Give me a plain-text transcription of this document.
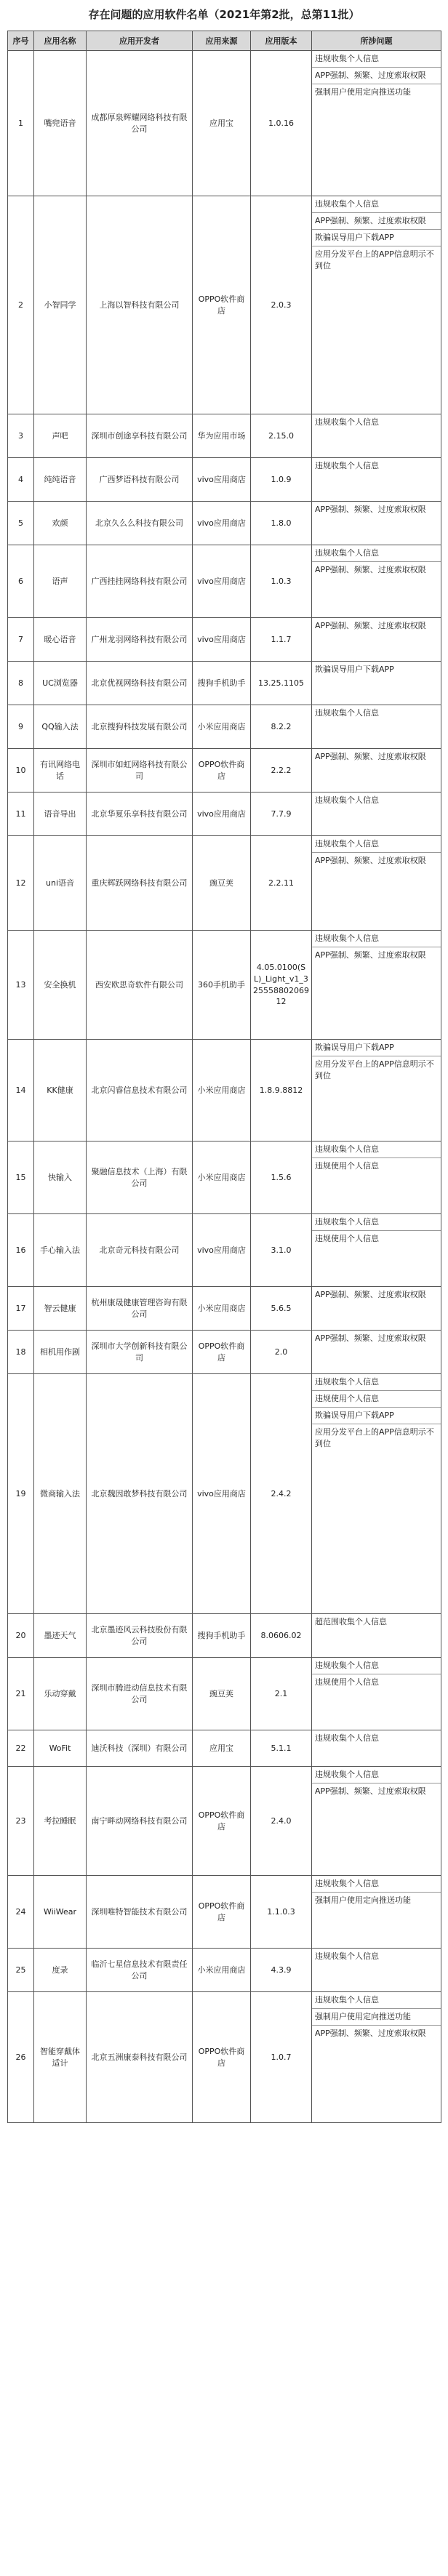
存在问题的应用软件名单（2021年第2批，总第11批）
序号	应用名称	应用开发者	应用来源	应用版本	所涉问题
1	嘴兜语音	成都厚泉辉耀网络科技有限公司	应用宝	1.0.16	违规收集个人信息
APP强制、频繁、过度索取权限
强制用户使用定向推送功能

2	小智同学	上海以智科技有限公司	OPPO软件商店	2.0.3	违规收集个人信息
APP强制、频繁、过度索取权限
欺骗误导用户下载APP
应用分发平台上的APP信息明示不到位

3	声吧	深圳市创途享科技有限公司	华为应用市场	2.15.0	违规收集个人信息

4	纯纯语音	广西梦语科技有限公司	vivo应用商店	1.0.9	违规收集个人信息

5	欢颜	北京久么么科技有限公司	vivo应用商店	1.8.0	APP强制、频繁、过度索取权限

6	语声	广西挂挂网络科技有限公司	vivo应用商店	1.0.3	违规收集个人信息
APP强制、频繁、过度索取权限

7	暖心语音	广州龙羽网络科技有限公司	vivo应用商店	1.1.7	APP强制、频繁、过度索取权限

8	UC浏览器	北京优视网络科技有限公司	搜狗手机助手	13.25.1105	欺骗误导用户下载APP

9	QQ输入法	北京搜狗科技发展有限公司	小米应用商店	8.2.2	违规收集个人信息

10	有讯网络电话	深圳市如虹网络科技有限公司	OPPO软件商店	2.2.2	APP强制、频繁、过度索取权限

11	语音导出	北京华夏乐享科技有限公司	vivo应用商店	7.7.9	违规收集个人信息

12	uni语音	重庆辉跃网络科技有限公司	豌豆荚	2.2.11	违规收集个人信息
APP强制、频繁、过度索取权限

13	安全换机	西安欧思奇软件有限公司	360手机助手	4.05.0100(SL)_Light_v1_325558802069 12	违规收集个人信息
APP强制、频繁、过度索取权限

14	KK健康	北京闪睿信息技术有限公司	小米应用商店	1.8.9.8812	欺骗误导用户下载APP
应用分发平台上的APP信息明示不到位

15	快输入	聚融信息技术（上海）有限公司	小米应用商店	1.5.6	违规收集个人信息
违规使用个人信息

16	手心输入法	北京奇元科技有限公司	vivo应用商店	3.1.0	违规收集个人信息
违规使用个人信息

17	智云健康	杭州康晟健康管理咨询有限公司	小米应用商店	5.6.5	APP强制、频繁、过度索取权限

18	相机用作剧	深圳市大学创新科技有限公司	OPPO软件商店	2.0	APP强制、频繁、过度索取权限

19	微商输入法	北京魏因敢梦科技有限公司	vivo应用商店	2.4.2	违规收集个人信息
违规使用个人信息
欺骗误导用户下载APP
应用分发平台上的APP信息明示不到位

20	墨迹天气	北京墨迹风云科技股份有限公司	搜狗手机助手	8.0606.02	超范围收集个人信息

21	乐动穿戴	深圳市腾进动信息技术有限公司	豌豆荚	2.1	违规收集个人信息
违规使用个人信息

22	WoFit	迪沃科技（深圳）有限公司	应用宝	5.1.1	违规收集个人信息

23	考拉睡眠	南宁畔动网络科技有限公司	OPPO软件商店	2.4.0	违规收集个人信息
APP强制、频繁、过度索取权限

24	WiiWear	深圳唯特智能技术有限公司	OPPO软件商店	1.1.0.3	违规收集个人信息
强制用户使用定向推送功能

25	度录	临沂七星信息技术有限责任公司	小米应用商店	4.3.9	违规收集个人信息

26	智能穿戴体适计	北京五洲康泰科技有限公司	OPPO软件商店	1.0.7	违规收集个人信息
强制用户使用定向推送功能
APP强制、频繁、过度索取权限
